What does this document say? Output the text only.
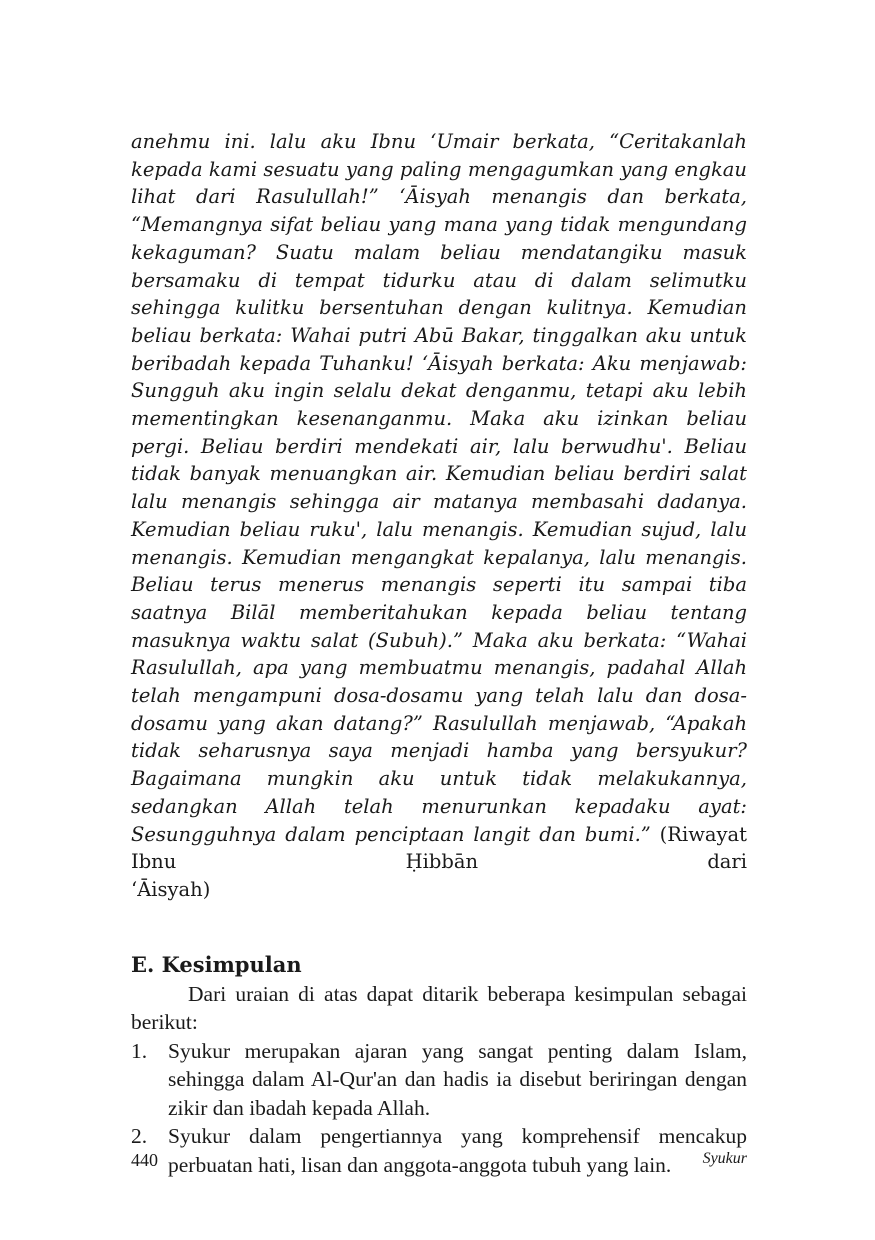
anehmu ini. lalu aku Ibnu ‘Umair berkata, “Ceritakanlah kepada kami sesuatu yang paling mengagumkan yang engkau lihat dari Rasulullah!” ‘Āisyah menangis dan berkata, “Memangnya sifat beliau yang mana yang tidak mengundang kekaguman? Suatu malam beliau mendatangiku masuk bersamaku di tempat tidurku atau di dalam selimutku sehingga kulitku bersentuhan dengan kulitnya. Kemudian beliau berkata: Wahai putri Abū Bakar, tinggalkan aku untuk beribadah kepada Tuhanku! ‘Āisyah berkata: Aku menjawab: Sungguh aku ingin selalu dekat denganmu, tetapi aku lebih mementingkan kesenanganmu. Maka aku izinkan beliau pergi. Beliau berdiri mendekati air, lalu berwudhu'. Beliau tidak banyak menuangkan air. Kemudian beliau berdiri salat lalu menangis sehingga air matanya membasahi dadanya. Kemudian beliau ruku', lalu menangis. Kemudian sujud, lalu menangis. Kemudian mengangkat kepalanya, lalu menangis. Beliau terus menerus menangis seperti itu sampai tiba saatnya Bilāl memberitahukan kepada beliau tentang masuknya waktu salat (Subuh).” Maka aku berkata: “Wahai Rasulullah, apa yang membuatmu menangis, padahal Allah telah mengampuni dosa-dosamu yang telah lalu dan dosa-dosamu yang akan datang?” Rasulullah menjawab, “Apakah tidak seharusnya saya menjadi hamba yang bersyukur? Bagaimana mungkin aku untuk tidak melakukannya, sedangkan Allah telah menurunkan kepadaku ayat: Sesungguhnya dalam penciptaan langit dan bumi.” (Riwayat Ibnu Ḥibbān dari
‘Āisyah)

E. Kesimpulan

Dari uraian di atas dapat ditarik beberapa kesimpulan sebagai berikut:

1. Syukur merupakan ajaran yang sangat penting dalam Islam, sehingga dalam Al-Qur'an dan hadis ia disebut beriringan dengan zikir dan ibadah kepada Allah.
2. Syukur dalam pengertiannya yang komprehensif mencakup perbuatan hati, lisan dan anggota-anggota tubuh yang lain.
440	Syukur
